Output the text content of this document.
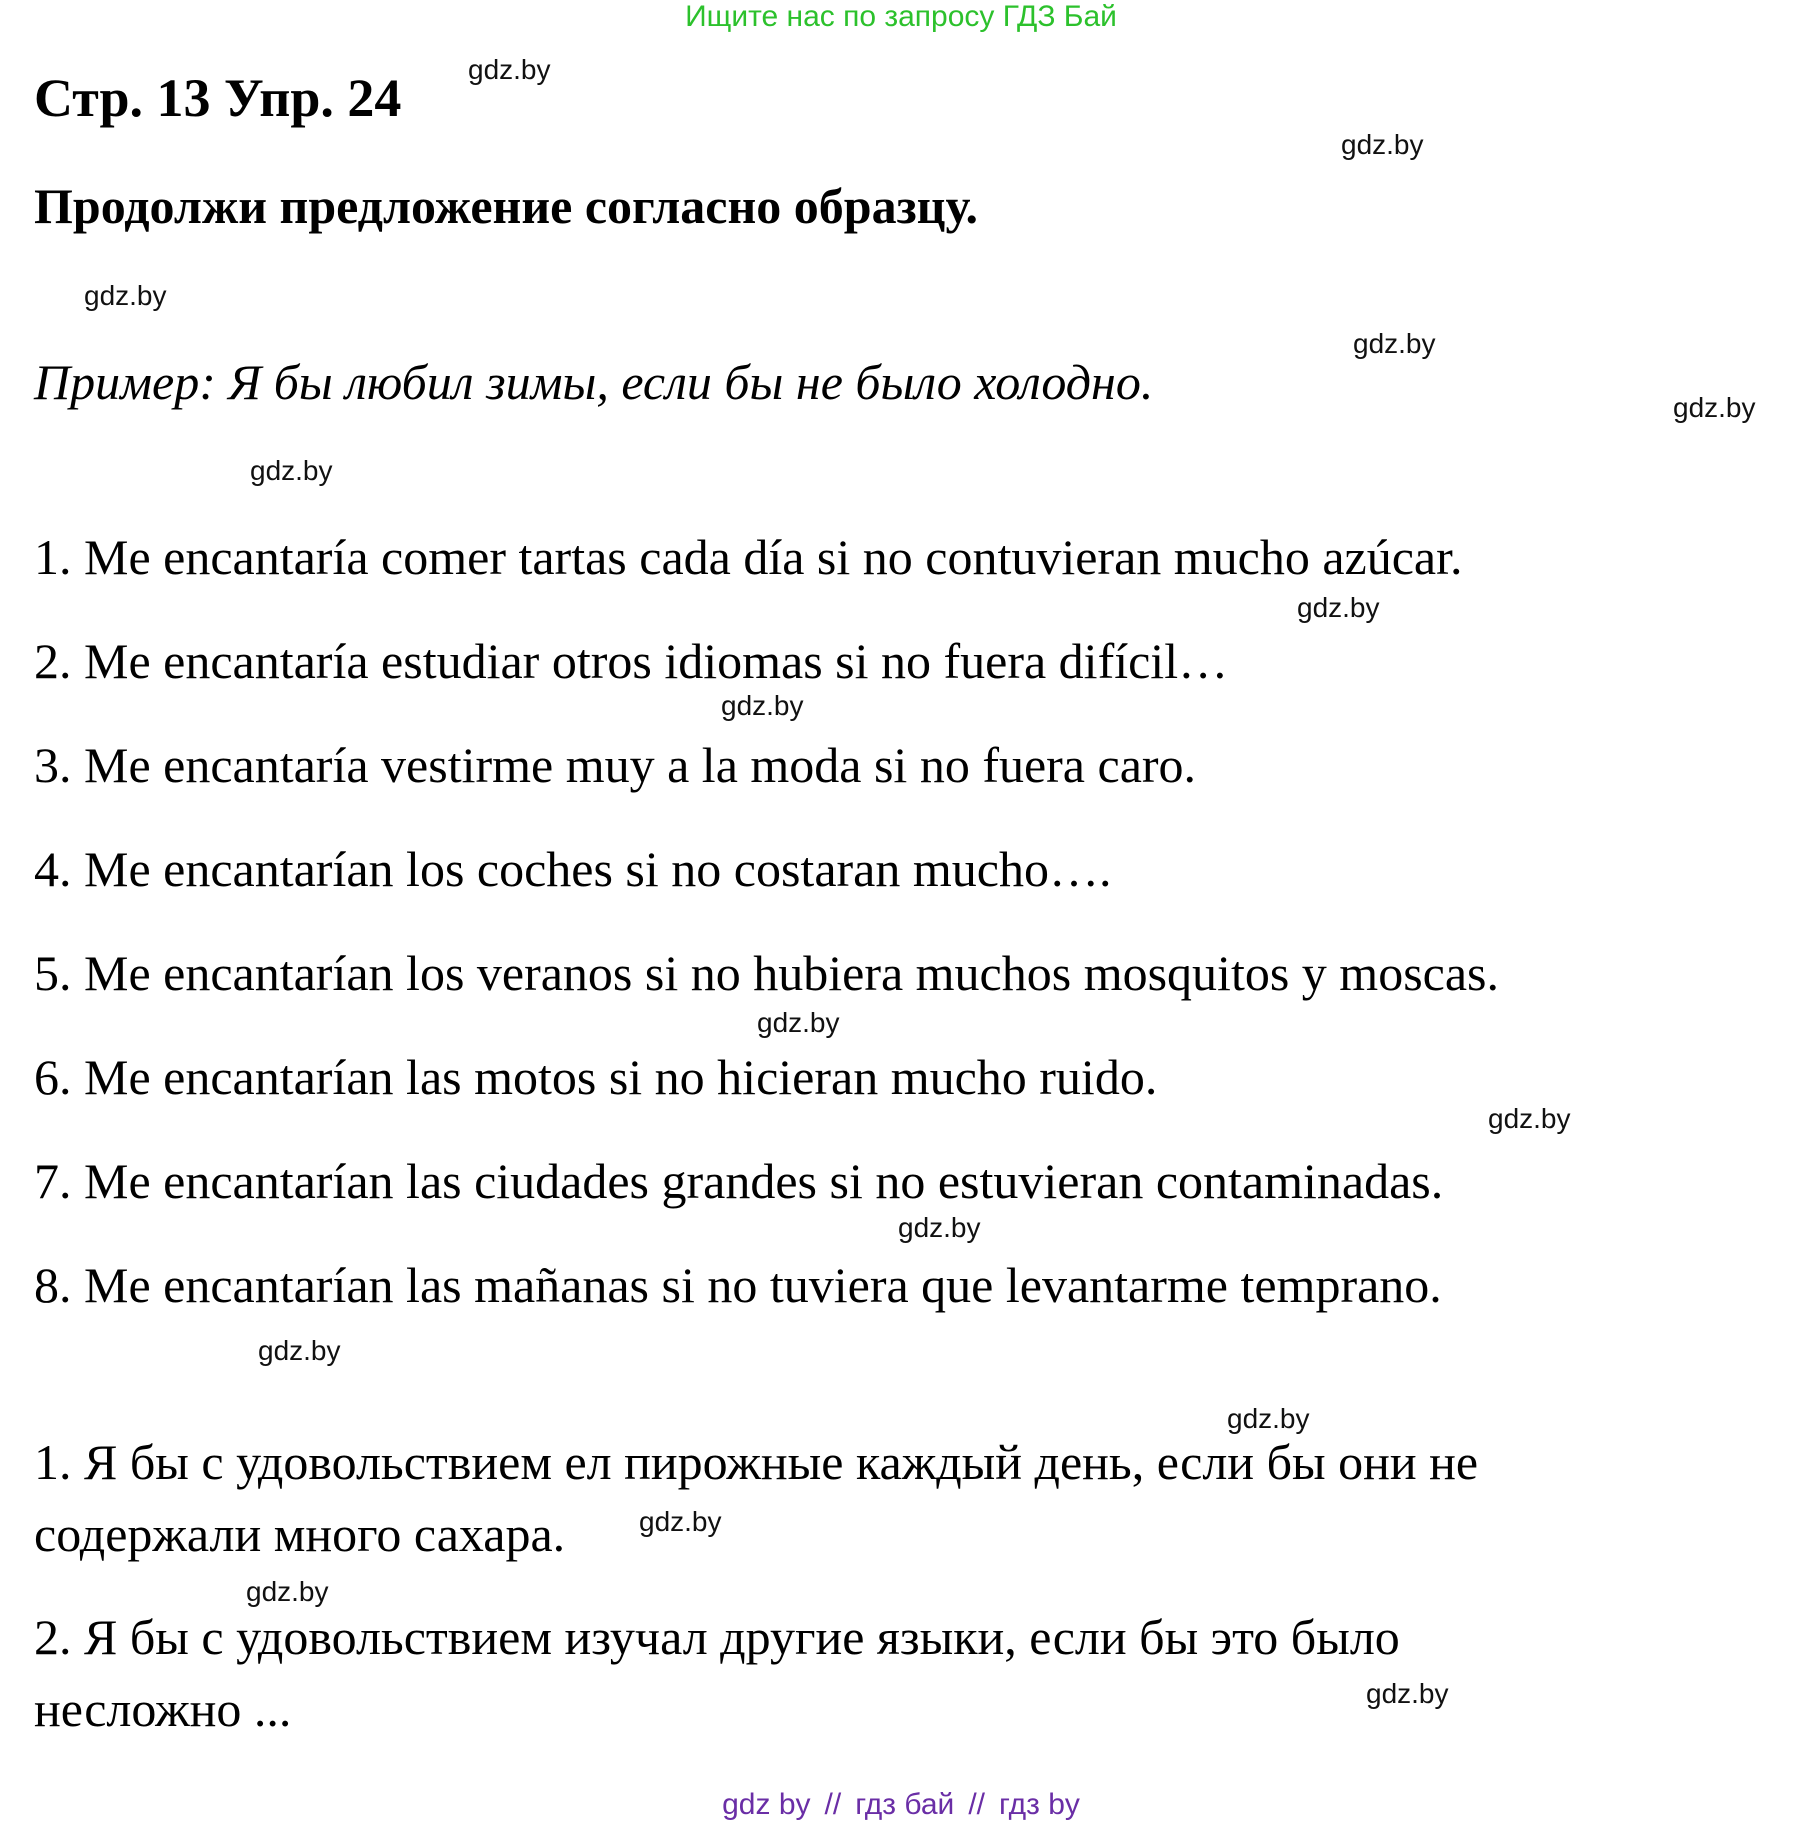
Ищите нас по запросу ГДЗ Бай
Стр. 13 Упр. 24
Продолжи предложение согласно образцу.
Пример: Я бы любил зимы, если бы не было холодно.
1. Me encantaría comer tartas cada día si no contuvieran mucho azúcar.
2. Me encantaría estudiar otros idiomas si no fuera difícil…
3. Me encantaría vestirme muy a la moda si no fuera caro.
4. Me encantarían los coches si no costaran mucho….
5. Me encantarían los veranos si no hubiera muchos mosquitos y moscas.
6. Me encantarían las motos si no hicieran mucho ruido.
7. Me encantarían las ciudades grandes si no estuvieran contaminadas.
8. Me encantarían las mañanas si no tuviera que levantarme temprano.
1. Я бы с удовольствием ел пирожные каждый день, если бы они не
содержали много сахара.
2. Я бы с удовольствием изучал другие языки, если бы это было
несложно ...
gdz.by
gdz.by
gdz.by
gdz.by
gdz.by
gdz.by
gdz.by
gdz.by
gdz.by
gdz.by
gdz.by
gdz.by
gdz.by
gdz.by
gdz.by
gdz.by
gdz by // гдз бай // гдз by
